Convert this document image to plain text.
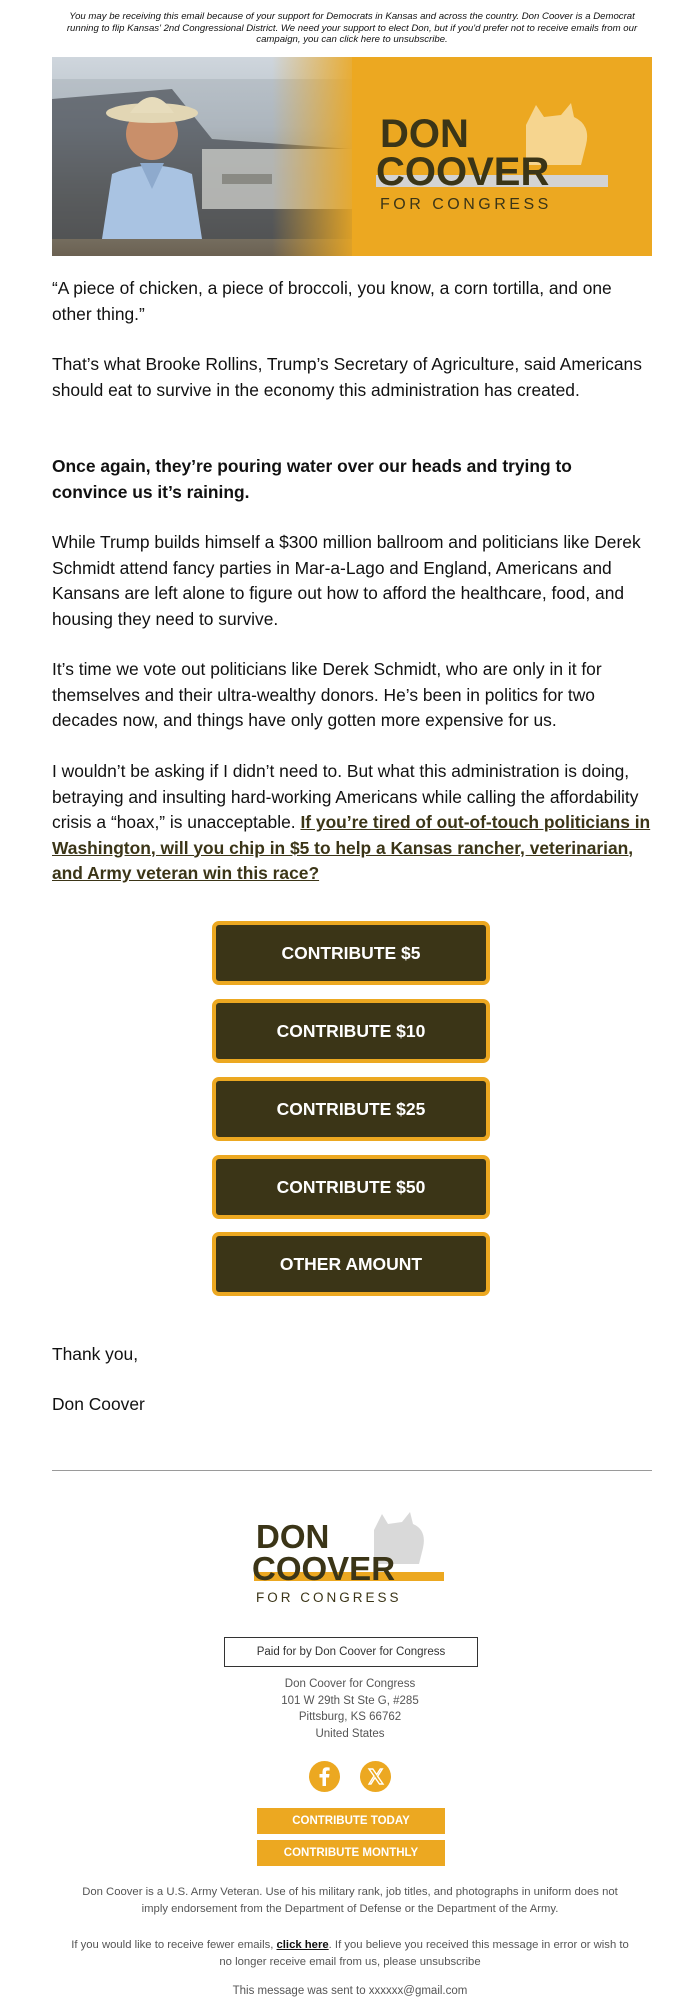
You may be receiving this email because of your support for Democrats in Kansas and across the country. Don Coover is a Democrat running to flip Kansas' 2nd Congressional District. We need your support to elect Don, but if you'd prefer not to receive emails from our campaign, you can click here to unsubscribe.
DON
COOVER
FOR CONGRESS
“A piece of chicken, a piece of broccoli, you know, a corn tortilla, and one other thing.”
That’s what Brooke Rollins, Trump’s Secretary of Agriculture, said Americans should eat to survive in the economy this administration has created.
Once again, they’re pouring water over our heads and trying to convince us it’s raining.
While Trump builds himself a $300 million ballroom and politicians like Derek Schmidt attend fancy parties in Mar-a-Lago and England, Americans and Kansans are left alone to figure out how to afford the healthcare, food, and housing they need to survive.
It’s time we vote out politicians like Derek Schmidt, who are only in it for themselves and their ultra-wealthy donors. He’s been in politics for two decades now, and things have only gotten more expensive for us.
I wouldn’t be asking if I didn’t need to. But what this administration is doing, betraying and insulting hard-working Americans while calling the affordability crisis a “hoax,” is unacceptable. If you’re tired of out-of-touch politicians in Washington, will you chip in $5 to help a Kansas rancher, veterinarian, and Army veteran win this race?
CONTRIBUTE $5
CONTRIBUTE $10
CONTRIBUTE $25
CONTRIBUTE $50
OTHER AMOUNT
Thank you,
Don Coover
DON
COOVER
FOR CONGRESS
Paid for by Don Coover for Congress
Don Coover for Congress
101 W 29th St Ste G, #285
Pittsburg, KS 66762
United States
CONTRIBUTE TODAY
CONTRIBUTE MONTHLY
Don Coover is a U.S. Army Veteran. Use of his military rank, job titles, and photographs in uniform does not imply endorsement from the Department of Defense or the Department of the Army.
If you would like to receive fewer emails, click here. If you believe you received this message in error or wish to no longer receive email from us, please unsubscribe
This message was sent to xxxxxx@gmail.com
